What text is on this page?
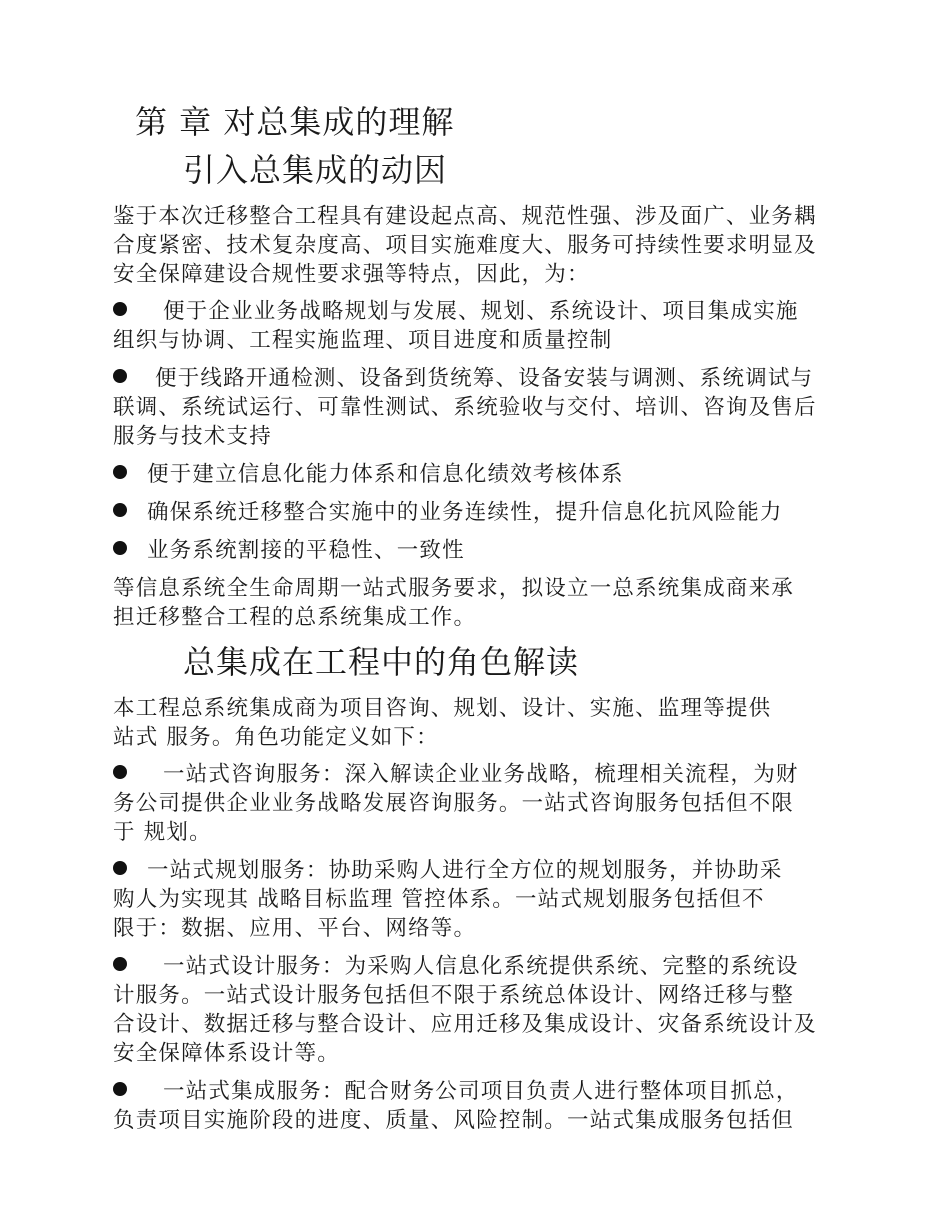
第 章 对总集成的理解
引入总集成的动因

鉴于本次迁移整合工程具有建设起点高、规范性强、涉及面广、业务耦
合度紧密、技术复杂度高、项目实施难度大、服务可持续性要求明显及
安全保障建设合规性要求强等特点，因此，为：

便于企业业务战略规划与发展、规划、系统设计、项目集成实施
组织与协调、工程实施监理、项目进度和质量控制
便于线路开通检测、设备到货统筹、设备安装与调测、系统调试与
联调、系统试运行、可靠性测试、系统验收与交付、培训、咨询及售后
服务与技术支持
便于建立信息化能力体系和信息化绩效考核体系
确保系统迁移整合实施中的业务连续性，提升信息化抗风险能力
业务系统割接的平稳性、一致性

等信息系统全生命周期一站式服务要求，拟设立一总系统集成商来承
担迁移整合工程的总系统集成工作。

总集成在工程中的角色解读

本工程总系统集成商为项目咨询、规划、设计、实施、监理等提供
站式 服务。角色功能定义如下：

一站式咨询服务：深入解读企业业务战略，梳理相关流程，为财
务公司提供企业业务战略发展咨询服务。一站式咨询服务包括但不限
于 规划。
一站式规划服务：协助采购人进行全方位的规划服务，并协助采
购人为实现其 战略目标监理 管控体系。一站式规划服务包括但不
限于：数据、应用、平台、网络等。
一站式设计服务：为采购人信息化系统提供系统、完整的系统设
计服务。一站式设计服务包括但不限于系统总体设计、网络迁移与整
合设计、数据迁移与整合设计、应用迁移及集成设计、灾备系统设计及
安全保障体系设计等。
一站式集成服务：配合财务公司项目负责人进行整体项目抓总，
负责项目实施阶段的进度、质量、风险控制。一站式集成服务包括但
